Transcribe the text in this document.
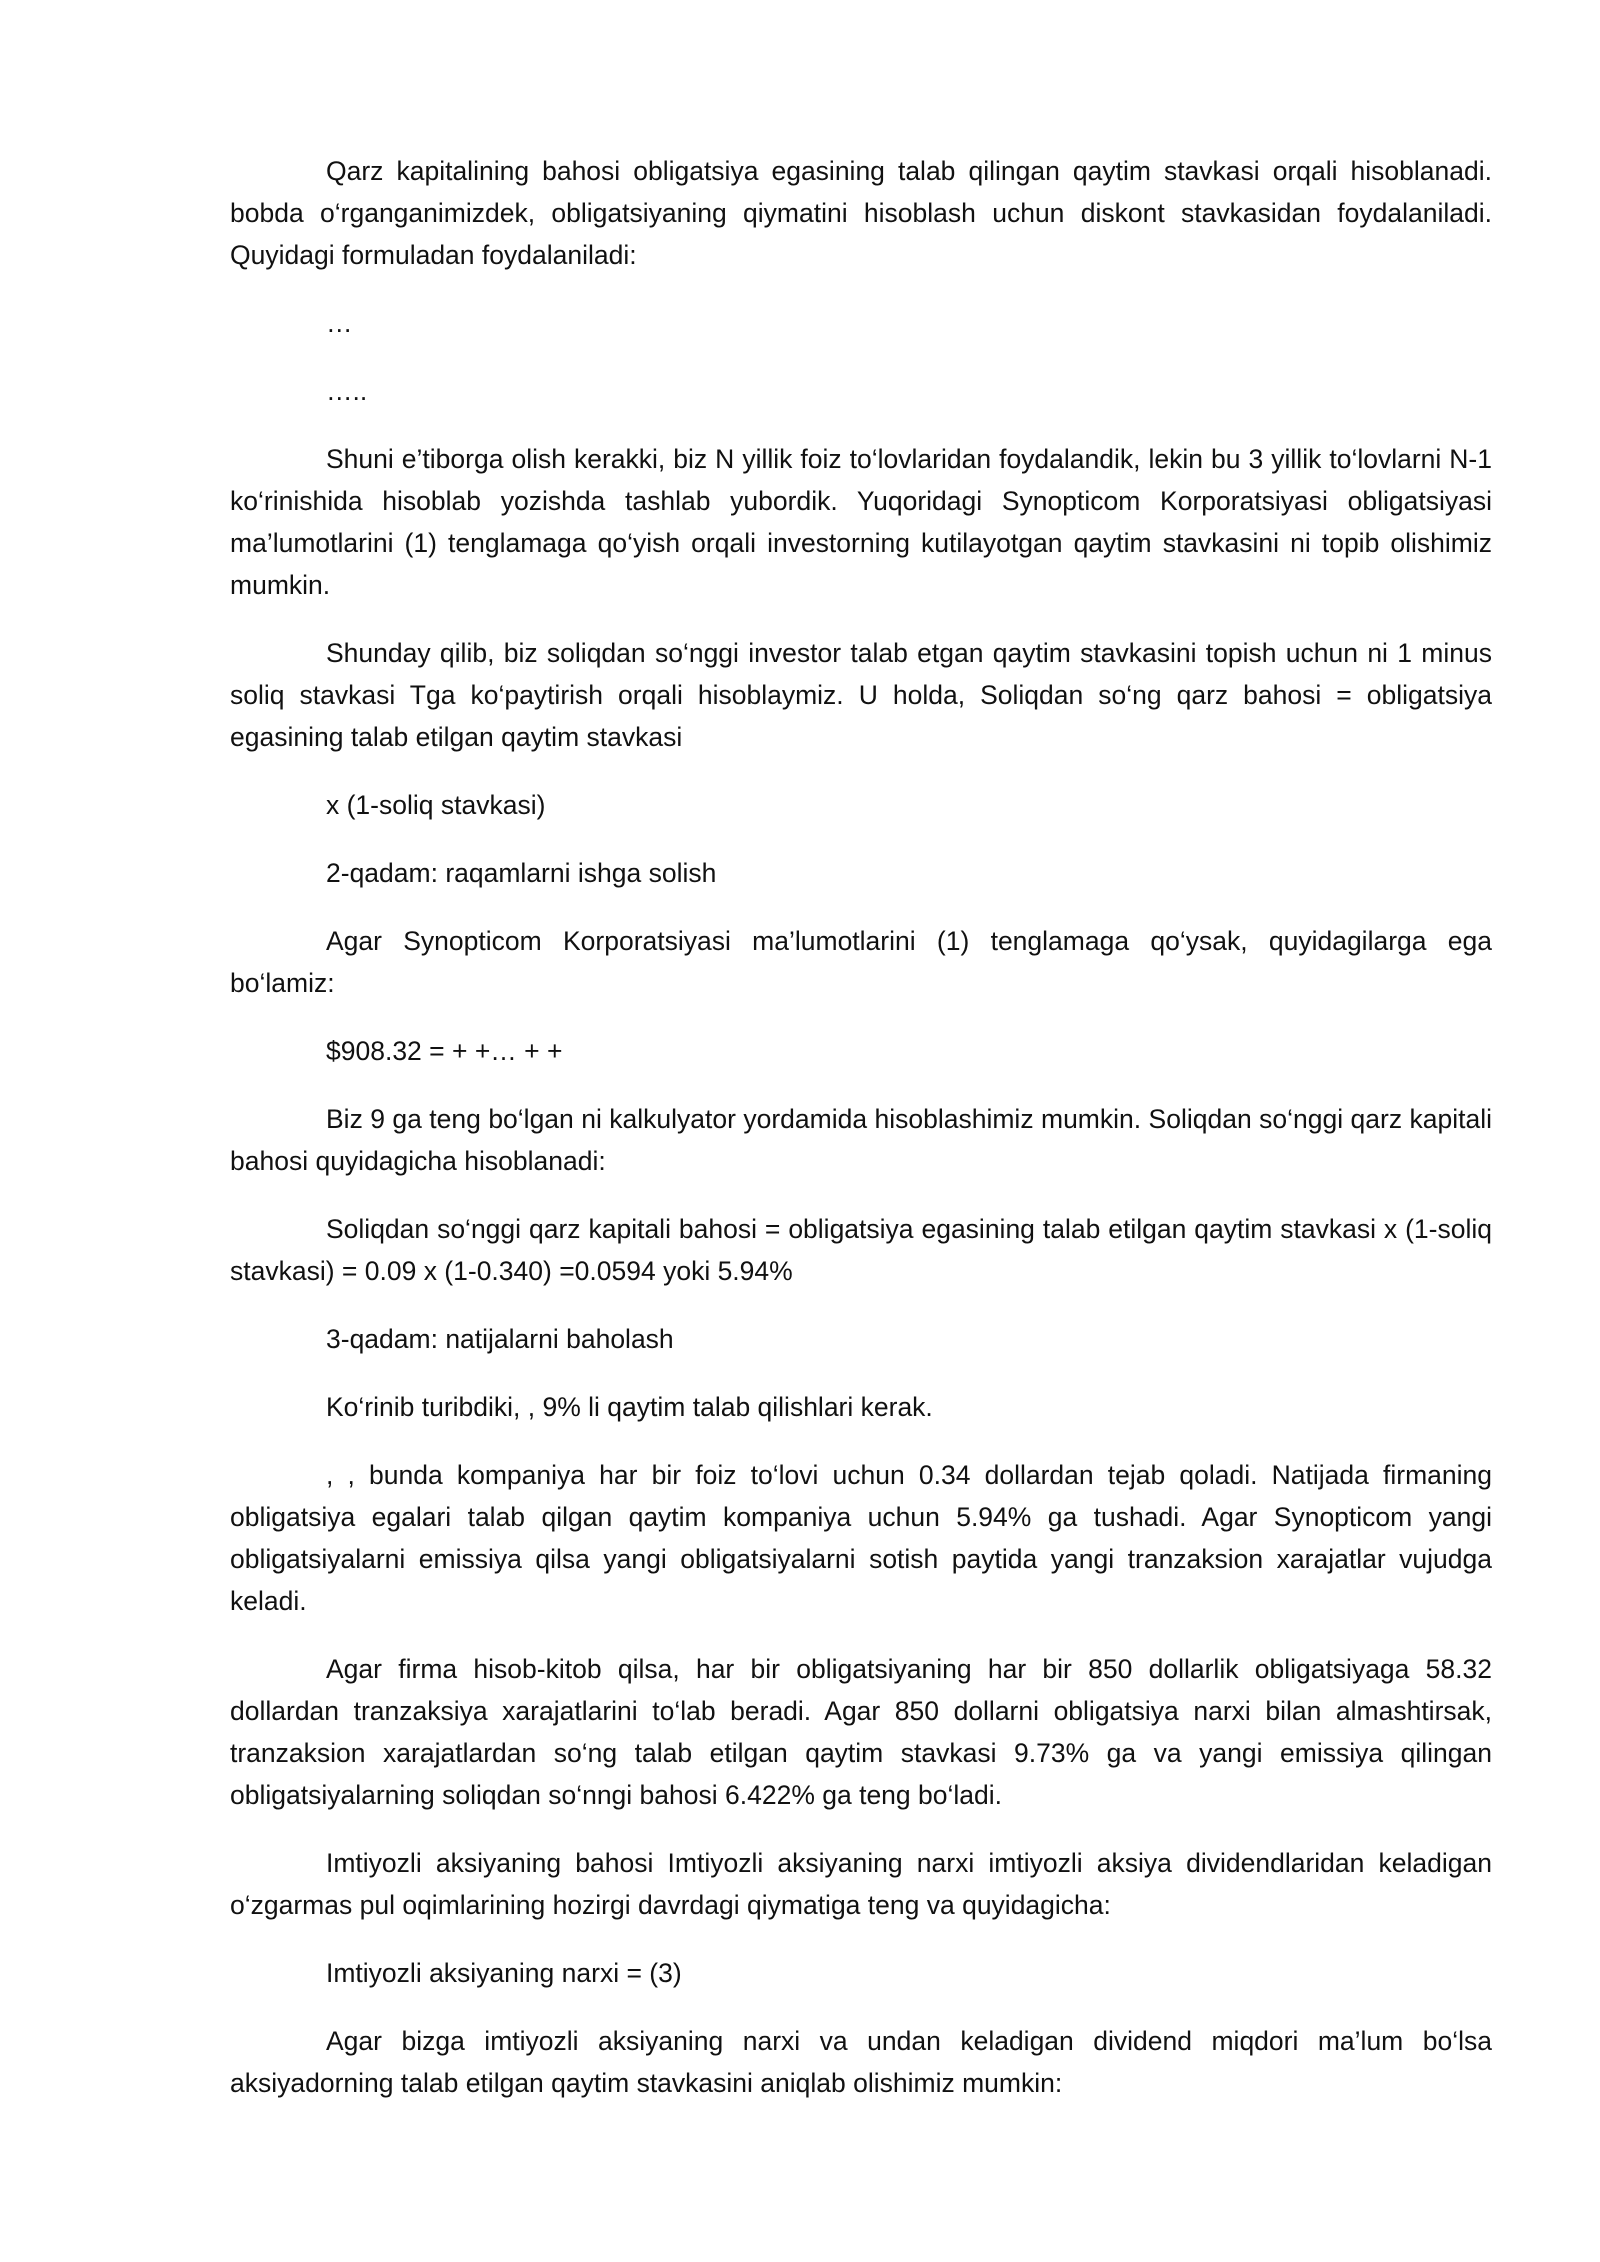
Qarz kapitalining bahosi obligatsiya egasining talab qilingan qaytim stavkasi orqali hisoblanadi. bobda o‘rganganimizdek, obligatsiyaning qiymatini hisoblash uchun diskont stavkasidan foydalaniladi. Quyidagi formuladan foydalaniladi:

…

…..

Shuni e’tiborga olish kerakki, biz N yillik foiz to‘lovlaridan foydalandik, lekin bu 3 yillik to‘lovlarni N-1 ko‘rinishida hisoblab yozishda tashlab yubordik. Yuqoridagi Synopticom Korporatsiyasi obligatsiyasi ma’lumotlarini (1) tenglamaga qo‘yish orqali investorning kutilayotgan qaytim stavkasini ni topib olishimiz mumkin.

Shunday qilib, biz soliqdan so‘nggi investor talab etgan qaytim stavkasini topish uchun ni 1 minus soliq stavkasi Tga ko‘paytirish orqali hisoblaymiz. U holda, Soliqdan so‘ng qarz bahosi = obligatsiya egasining talab etilgan qaytim stavkasi

x (1-soliq stavkasi)

2-qadam: raqamlarni ishga solish

Agar Synopticom Korporatsiyasi ma’lumotlarini (1) tenglamaga qo‘ysak, quyidagilarga ega bo‘lamiz:

$908.32 = + +… + +

Biz 9 ga teng bo‘lgan ni kalkulyator yordamida hisoblashimiz mumkin. Soliqdan so‘nggi qarz kapitali bahosi quyidagicha hisoblanadi:

Soliqdan so‘nggi qarz kapitali bahosi = obligatsiya egasining talab etilgan qaytim stavkasi x (1-soliq stavkasi) = 0.09 x (1-0.340) =0.0594 yoki 5.94%

3-qadam: natijalarni baholash

Ko‘rinib turibdiki, , 9% li qaytim talab qilishlari kerak.

, , bunda kompaniya har bir foiz to‘lovi uchun 0.34 dollardan tejab qoladi. Natijada firmaning obligatsiya egalari talab qilgan qaytim kompaniya uchun 5.94% ga tushadi. Agar Synopticom yangi obligatsiyalarni emissiya qilsa yangi obligatsiyalarni sotish paytida yangi tranzaksion xarajatlar vujudga keladi.

Agar firma hisob-kitob qilsa, har bir obligatsiyaning har bir 850 dollarlik obligatsiyaga 58.32 dollardan tranzaksiya xarajatlarini to‘lab beradi. Agar 850 dollarni obligatsiya narxi bilan almashtirsak, tranzaksion xarajatlardan so‘ng talab etilgan qaytim stavkasi 9.73% ga va yangi emissiya qilingan obligatsiyalarning soliqdan so‘nngi bahosi 6.422% ga teng bo‘ladi.

Imtiyozli aksiyaning bahosi Imtiyozli aksiyaning narxi imtiyozli aksiya dividendlaridan keladigan o‘zgarmas pul oqimlarining hozirgi davrdagi qiymatiga teng va quyidagicha:

Imtiyozli aksiyaning narxi = (3)

Agar bizga imtiyozli aksiyaning narxi va undan keladigan dividend miqdori ma’lum bo‘lsa aksiyadorning talab etilgan qaytim stavkasini aniqlab olishimiz mumkin:
